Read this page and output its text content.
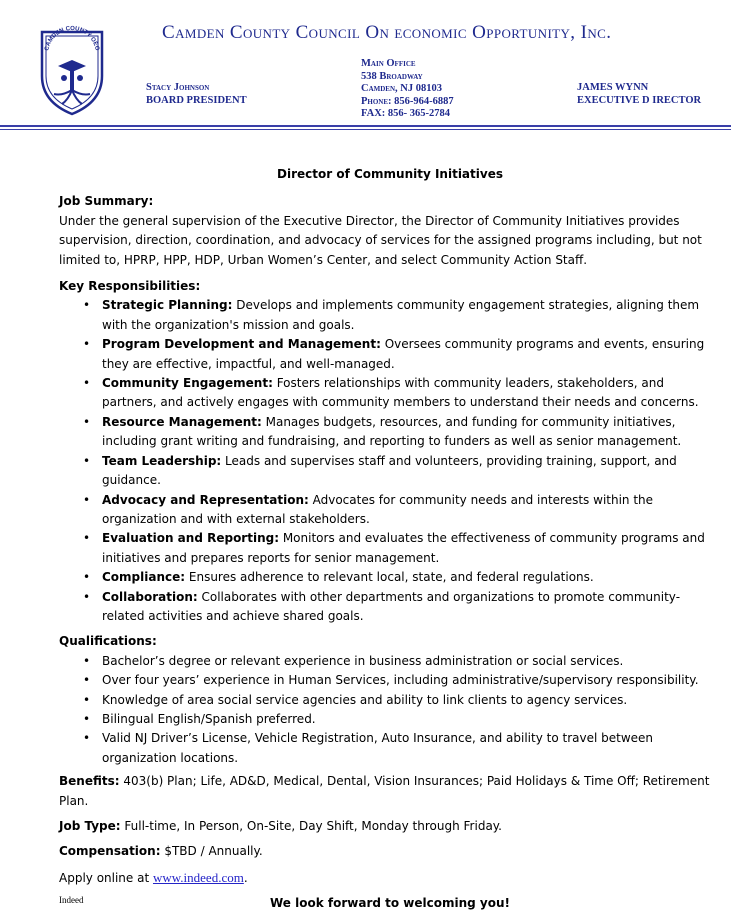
CAMDEN COUNTY OEO
Camden County Council On economic Opportunity, Inc.
Stacy Johnson
BOARD PRESIDENT
Main Office
538 Broadway
Camden, NJ 08103
Phone: 856-964-6887
FAX: 856- 365-2784
JAMES WYNN
EXECUTIVE D IRECTOR
Director of Community Initiatives
Job Summary:

Under the general supervision of the Executive Director, the Director of Community Initiatives provides supervision, direction, coordination, and advocacy of services for the assigned programs including, but not limited to, HPRP, HPP, HDP, Urban Women’s Center, and select Community Action Staff.

Key Responsibilities:
• Strategic Planning: Develops and implements community engagement strategies, aligning them with the organization's mission and goals.
• Program Development and Management: Oversees community programs and events, ensuring they are effective, impactful, and well-managed.
• Community Engagement: Fosters relationships with community leaders, stakeholders, and partners, and actively engages with community members to understand their needs and concerns.
• Resource Management: Manages budgets, resources, and funding for community initiatives, including grant writing and fundraising, and reporting to funders as well as senior management.
• Team Leadership: Leads and supervises staff and volunteers, providing training, support, and guidance.
• Advocacy and Representation: Advocates for community needs and interests within the organization and with external stakeholders.
• Evaluation and Reporting: Monitors and evaluates the effectiveness of community programs and initiatives and prepares reports for senior management.
• Compliance: Ensures adherence to relevant local, state, and federal regulations.
• Collaboration: Collaborates with other departments and organizations to promote community-related activities and achieve shared goals.
Qualifications:
• Bachelor’s degree or relevant experience in business administration or social services.
• Over four years’ experience in Human Services, including administrative/supervisory responsibility.
• Knowledge of area social service agencies and ability to link clients to agency services.
• Bilingual English/Spanish preferred.
• Valid NJ Driver’s License, Vehicle Registration, Auto Insurance, and ability to travel between organization locations.

Benefits: 403(b) Plan; Life, AD&D, Medical, Dental, Vision Insurances; Paid Holidays & Time Off; Retirement Plan.

Job Type: Full-time, In Person, On-Site, Day Shift, Monday through Friday.

Compensation: $TBD / Annually.

Apply online at www.indeed.com.

We look forward to welcoming you!
Indeed
